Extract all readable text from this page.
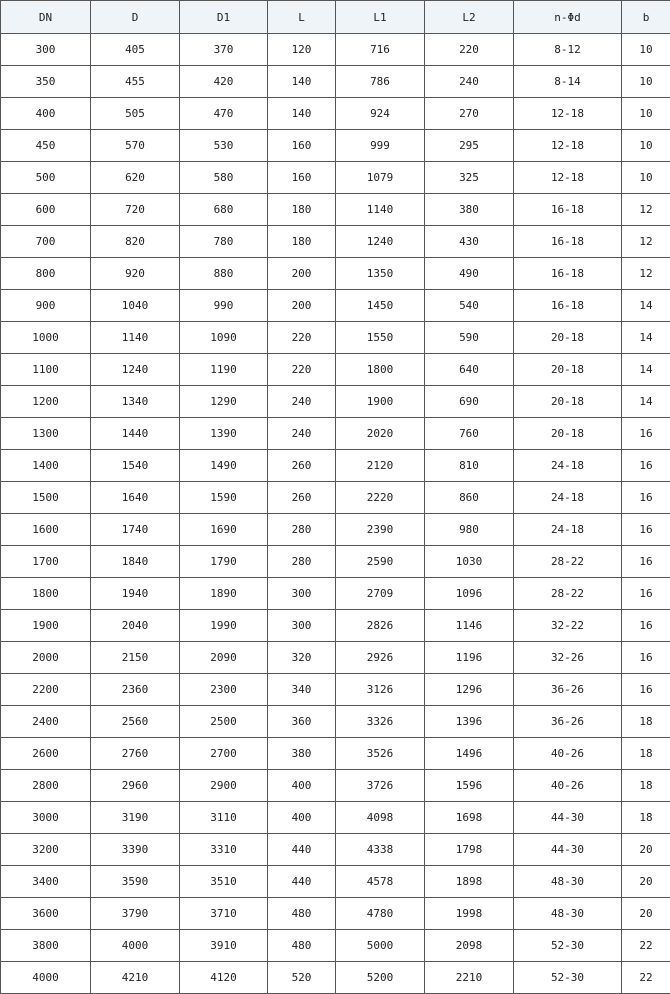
DN	D	D1	L	L1	L2	n-Φd	b
300	405	370	120	716	220	8-12	10
350	455	420	140	786	240	8-14	10
400	505	470	140	924	270	12-18	10
450	570	530	160	999	295	12-18	10
500	620	580	160	1079	325	12-18	10
600	720	680	180	1140	380	16-18	12
700	820	780	180	1240	430	16-18	12
800	920	880	200	1350	490	16-18	12
900	1040	990	200	1450	540	16-18	14
1000	1140	1090	220	1550	590	20-18	14
1100	1240	1190	220	1800	640	20-18	14
1200	1340	1290	240	1900	690	20-18	14
1300	1440	1390	240	2020	760	20-18	16
1400	1540	1490	260	2120	810	24-18	16
1500	1640	1590	260	2220	860	24-18	16
1600	1740	1690	280	2390	980	24-18	16
1700	1840	1790	280	2590	1030	28-22	16
1800	1940	1890	300	2709	1096	28-22	16
1900	2040	1990	300	2826	1146	32-22	16
2000	2150	2090	320	2926	1196	32-26	16
2200	2360	2300	340	3126	1296	36-26	16
2400	2560	2500	360	3326	1396	36-26	18
2600	2760	2700	380	3526	1496	40-26	18
2800	2960	2900	400	3726	1596	40-26	18
3000	3190	3110	400	4098	1698	44-30	18
3200	3390	3310	440	4338	1798	44-30	20
3400	3590	3510	440	4578	1898	48-30	20
3600	3790	3710	480	4780	1998	48-30	20
3800	4000	3910	480	5000	2098	52-30	22
4000	4210	4120	520	5200	2210	52-30	22
